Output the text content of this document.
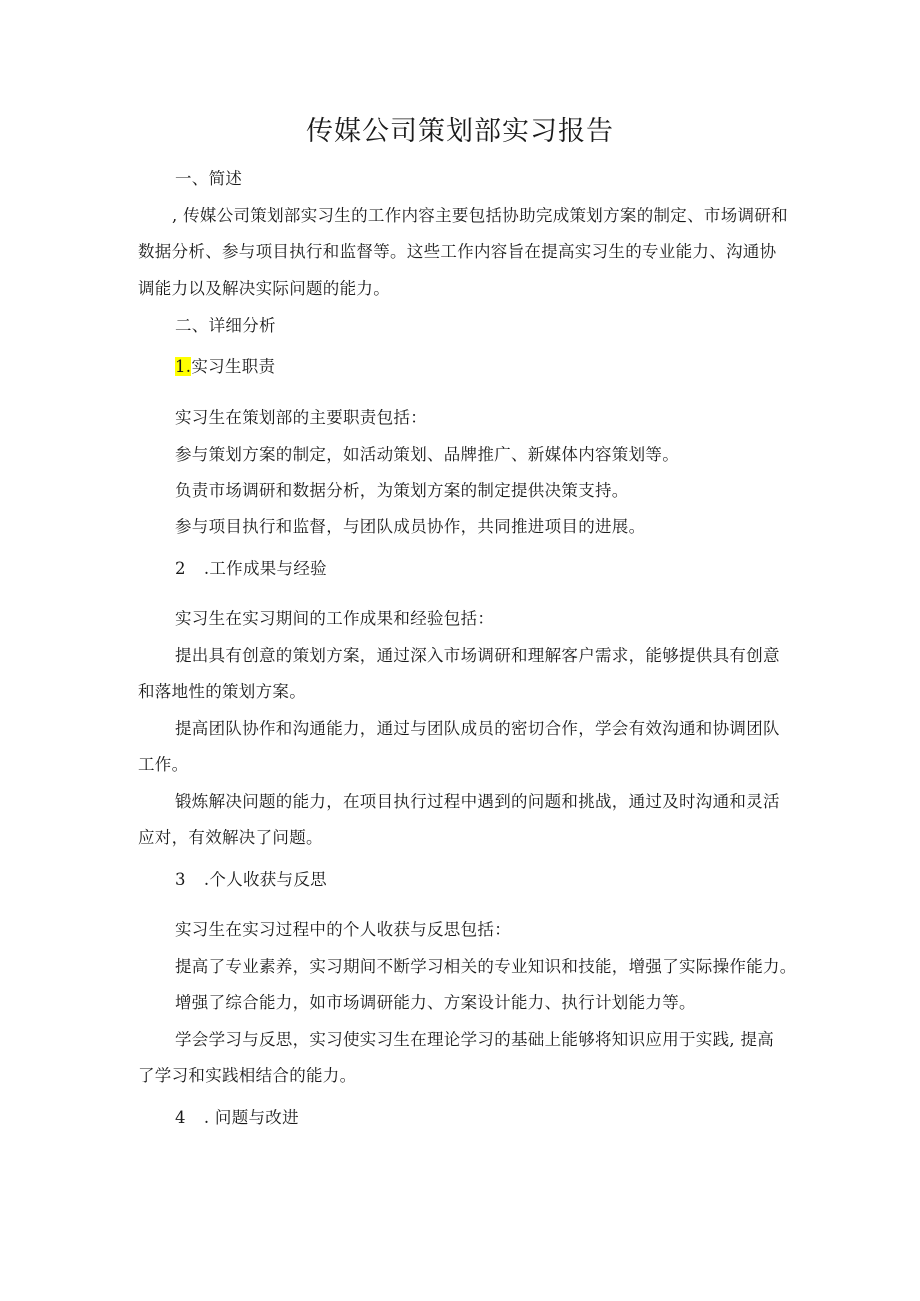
传媒公司策划部实习报告
一、简述
, 传媒公司策划部实习生的工作内容主要包括协助完成策划方案的制定、市场调研和
数据分析、参与项目执行和监督等。这些工作内容旨在提高实习生的专业能力、沟通协
调能力以及解决实际问题的能力。
二、详细分析
1.实习生职责
实习生在策划部的主要职责包括：
参与策划方案的制定，如活动策划、品牌推广、新媒体内容策划等。
负责市场调研和数据分析，为策划方案的制定提供决策支持。
参与项目执行和监督，与团队成员协作，共同推进项目的进展。
2 .工作成果与经验
实习生在实习期间的工作成果和经验包括：
提出具有创意的策划方案，通过深入市场调研和理解客户需求，能够提供具有创意
和落地性的策划方案。
提高团队协作和沟通能力，通过与团队成员的密切合作，学会有效沟通和协调团队
工作。
锻炼解决问题的能力，在项目执行过程中遇到的问题和挑战，通过及时沟通和灵活
应对，有效解决了问题。
3 .个人收获与反思
实习生在实习过程中的个人收获与反思包括：
提高了专业素养，实习期间不断学习相关的专业知识和技能，增强了实际操作能力。
增强了综合能力，如市场调研能力、方案设计能力、执行计划能力等。
学会学习与反思，实习使实习生在理论学习的基础上能够将知识应用于实践, 提高
了学习和实践相结合的能力。
4 . 问题与改进
